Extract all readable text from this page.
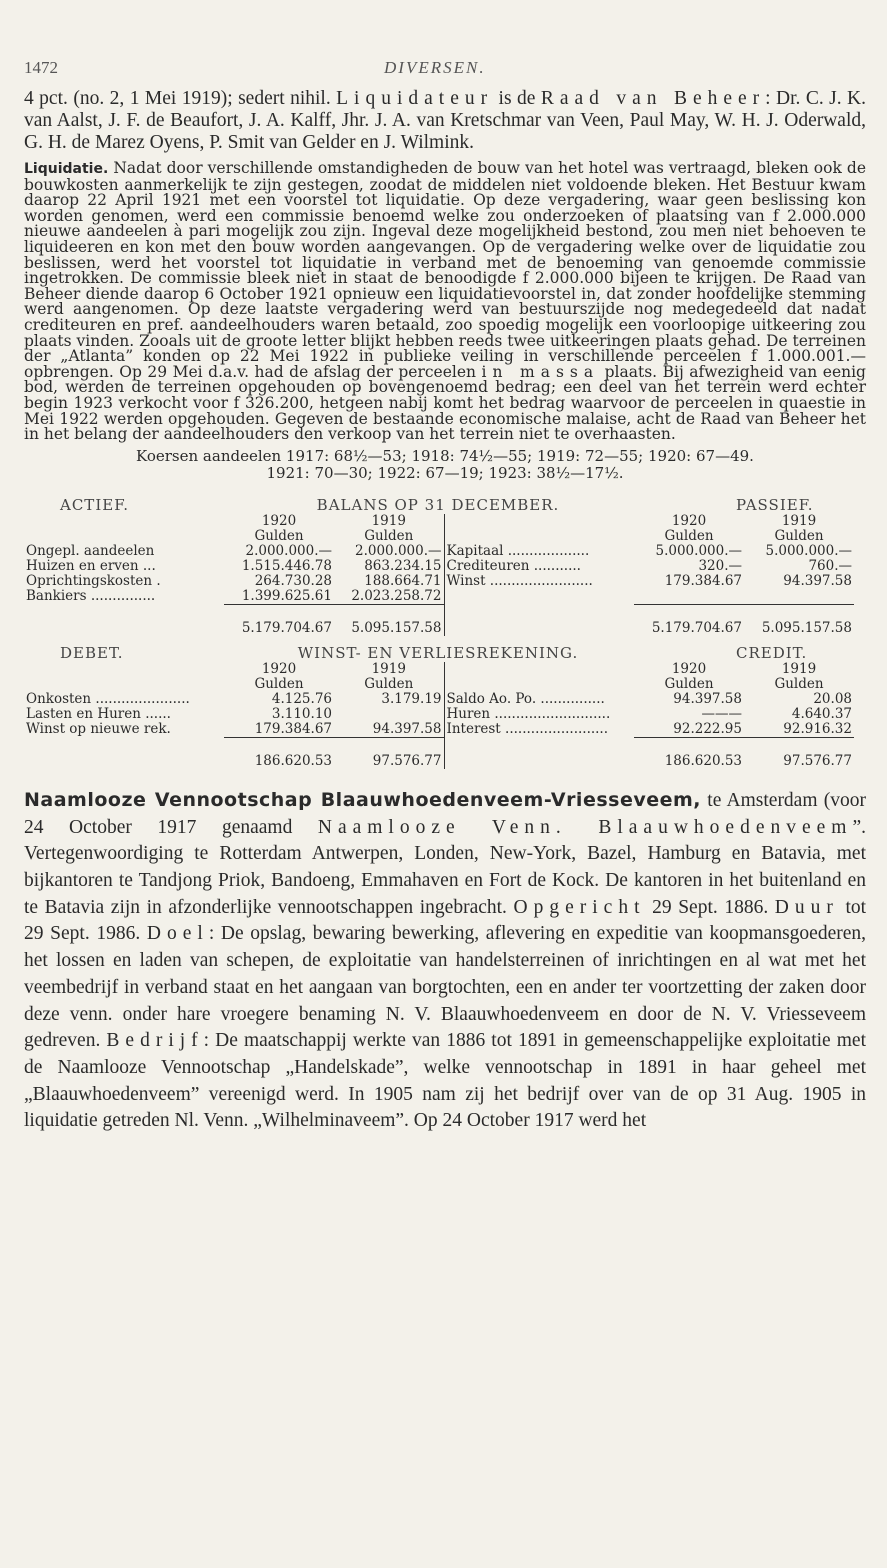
1472	DIVERSEN.

4 pct. (no. 2, 1 Mei 1919); sedert nihil. Liquidateur is de Raad van Beheer: Dr. C. J. K. van Aalst, J. F. de Beaufort, J. A. Kalff, Jhr. J. A. van Kretschmar van Veen, Paul May, W. H. J. Oderwald, G. H. de Marez Oyens, P. Smit van Gelder en J. Wilmink.

Liquidatie. Nadat door verschillende omstandigheden de bouw van het hotel was vertraagd, bleken ook de bouwkosten aanmerkelijk te zijn gestegen, zoodat de middelen niet voldoende bleken. Het Bestuur kwam daarop 22 April 1921 met een voorstel tot liquidatie. Op deze vergadering, waar geen beslissing kon worden genomen, werd een commissie benoemd welke zou onderzoeken of plaatsing van f 2.000.000 nieuwe aandeelen à pari mogelijk zou zijn. Ingeval deze mogelijkheid bestond, zou men niet behoeven te liquideeren en kon met den bouw worden aangevangen. Op de vergadering welke over de liquidatie zou beslissen, werd het voorstel tot liquidatie in verband met de benoeming van genoemde commissie ingetrokken. De commissie bleek niet in staat de benoodigde f 2.000.000 bijeen te krijgen. De Raad van Beheer diende daarop 6 October 1921 opnieuw een liquidatievoorstel in, dat zonder hoofdelijke stemming werd aangenomen. Op deze laatste vergadering werd van bestuurszijde nog medegedeeld dat nadat crediteuren en pref. aandeelhouders waren betaald, zoo spoedig mogelijk een voorloopige uitkeering zou plaats vinden. Zooals uit de groote letter blijkt hebben reeds twee uitkeeringen plaats gehad. De terreinen der „Atlanta” konden op 22 Mei 1922 in publieke veiling in verschillende perceelen f 1.000.001.— opbrengen. Op 29 Mei d.a.v. had de afslag der perceelen in massa plaats. Bij afwezigheid van eenig bod, werden de terreinen opgehouden op bovengenoemd bedrag; een deel van het terrein werd echter begin 1923 verkocht voor f 326.200, hetgeen nabij komt het bedrag waarvoor de perceelen in quaestie in Mei 1922 werden opgehouden. Gegeven de bestaande economische malaise, acht de Raad van Beheer het in het belang der aandeelhouders den verkoop van het terrein niet te overhaasten.

Koersen aandeelen 1917: 68½—53; 1918: 74½—55; 1919: 72—55; 1920: 67—49.

1921: 70—30; 1922: 67—19; 1923: 38½—17½.

ACTIEF.	BALANS OP 31 DECEMBER.	PASSIEF.
	1920	1919		1920	1919
	Gulden	Gulden		Gulden	Gulden
Ongepl. aandeelen	2.000.000.—	2.000.000.—	Kapitaal ...................	5.000.000.—	5.000.000.—
Huizen en erven ...	1.515.446.78	863.234.15	Crediteuren ...........	320.—	760.—
Oprichtingskosten .	264.730.28	188.664.71	Winst ........................	179.384.67	94.397.58
Bankiers ...............	1.399.625.61	2.023.258.72			
	5.179.704.67	5.095.157.58		5.179.704.67	5.095.157.58
DEBET.	WINST- EN VERLIESREKENING.	CREDIT.
	1920	1919		1920	1919
	Gulden	Gulden		Gulden	Gulden
Onkosten ......................	4.125.76	3.179.19	Saldo Ao. Po. ...............	94.397.58	20.08
Lasten en Huren ......	3.110.10		Huren ...........................	———	4.640.37
Winst op nieuwe rek.	179.384.67	94.397.58	Interest ........................	92.222.95	92.916.32
	186.620.53	97.576.77		186.620.53	97.576.77

Naamlooze Vennootschap Blaauwhoedenveem-Vriesseveem, te Amsterdam (voor 24 October 1917 genaamd Naamlooze Venn. Blaauwhoedenveem”. Vertegenwoordiging te Rotterdam Antwerpen, Londen, New-York, Bazel, Hamburg en Batavia, met bijkantoren te Tandjong Priok, Bandoeng, Emmahaven en Fort de Kock. De kantoren in het buitenland en te Batavia zijn in afzonderlijke vennootschappen ingebracht. Opgericht 29 Sept. 1886. Duur tot 29 Sept. 1986. Doel: De opslag, bewaring bewerking, aflevering en expeditie van koopmansgoederen, het lossen en laden van schepen, de exploitatie van handelsterreinen of inrichtingen en al wat met het veembedrijf in verband staat en het aangaan van borgtochten, een en ander ter voortzetting der zaken door deze venn. onder hare vroegere benaming N. V. Blaauwhoedenveem en door de N. V. Vriesseveem gedreven. Bedrijf: De maatschappij werkte van 1886 tot 1891 in gemeenschappelijke exploitatie met de Naamlooze Vennootschap „Handelskade”, welke vennootschap in 1891 in haar geheel met „Blaauwhoedenveem” vereenigd werd. In 1905 nam zij het bedrijf over van de op 31 Aug. 1905 in liquidatie getreden Nl. Venn. „Wilhelminaveem”. Op 24 October 1917 werd het
